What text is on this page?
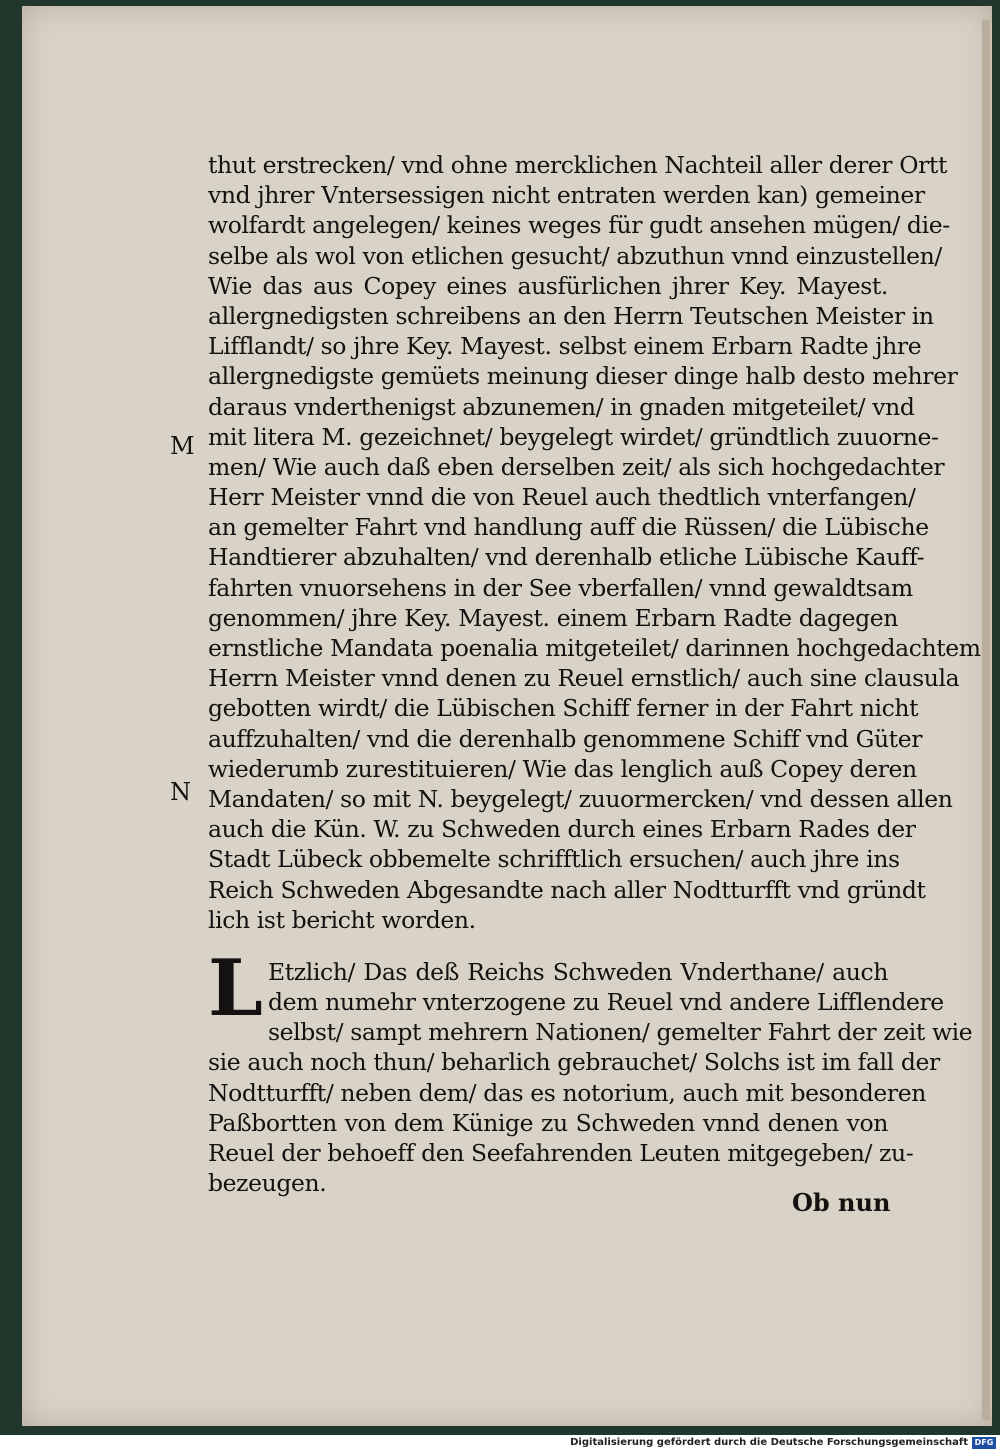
M
N
thut erstrecken/ vnd ohne mercklichen Nachteil aller derer Ortt
vnd jhrer Vntersessigen nicht entraten werden kan) gemeiner
wolfardt angelegen/ keines weges für gudt ansehen mügen/ die-
selbe als wol von etlichen gesucht/ abzuthun vnnd einzustellen/
Wie das aus Copey eines ausfürlichen jhrer Key. Mayest.
allergnedigsten schreibens an den Herrn Teutschen Meister in
Lifflandt/ so jhre Key. Mayest. selbst einem Erbarn Radte jhre
allergnedigste gemüets meinung dieser dinge halb desto mehrer
daraus vnderthenigst abzunemen/ in gnaden mitgeteilet/ vnd
mit litera M. gezeichnet/ beygelegt wirdet/ gründtlich zuuorne-
men/ Wie auch daß eben derselben zeit/ als sich hochgedachter
Herr Meister vnnd die von Reuel auch thedtlich vnterfangen/
an gemelter Fahrt vnd handlung auff die Rüssen/ die Lübische
Handtierer abzuhalten/ vnd derenhalb etliche Lübische Kauff-
fahrten vnuorsehens in der See vberfallen/ vnnd gewaldtsam
genommen/ jhre Key. Mayest. einem Erbarn Radte dagegen
ernstliche Mandata poenalia mitgeteilet/ darinnen hochgedachtem
Herrn Meister vnnd denen zu Reuel ernstlich/ auch sine clausula
gebotten wirdt/ die Lübischen Schiff ferner in der Fahrt nicht
auffzuhalten/ vnd die derenhalb genommene Schiff vnd Güter
wiederumb zurestituieren/ Wie das lenglich auß Copey deren
Mandaten/ so mit N. beygelegt/ zuuormercken/ vnd dessen allen
auch die Kün. W. zu Schweden durch eines Erbarn Rades der
Stadt Lübeck obbemelte schrifftlich ersuchen/ auch jhre ins
Reich Schweden Abgesandte nach aller Nodtturfft vnd gründt
lich ist bericht worden.
L Etzlich/ Das deß Reichs Schweden Vnderthane/ auch
dem numehr vnterzogene zu Reuel vnd andere Lifflendere
selbst/ sampt mehrern Nationen/ gemelter Fahrt der zeit wie
sie auch noch thun/ beharlich gebrauchet/ Solchs ist im fall der
Nodtturfft/ neben dem/ das es notorium, auch mit besonderen
Paßbortten von dem Künige zu Schweden vnnd denen von
Reuel der behoeff den Seefahrenden Leuten mitgegeben/ zu-
bezeugen.
Ob nun
Digitalisierung gefördert durch die Deutsche Forschungsgemeinschaft DFG
